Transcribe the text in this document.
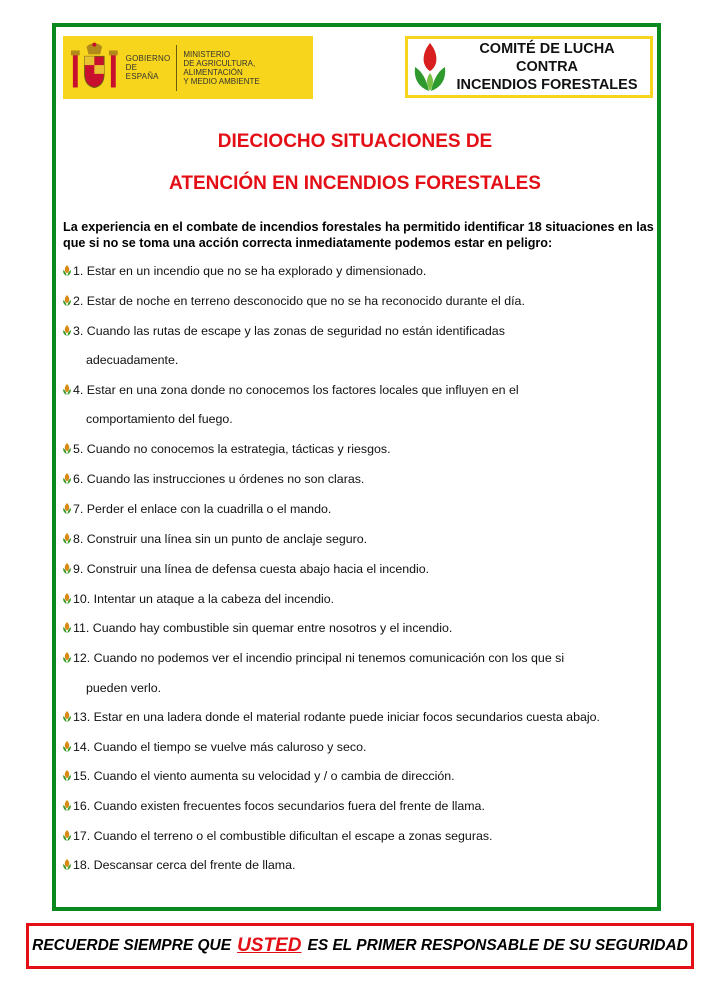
GOBIERNO
DE ESPAÑA
MINISTERIO
DE AGRICULTURA, ALIMENTACIÓN
Y MEDIO AMBIENTE
COMITÉ DE LUCHA CONTRA
INCENDIOS FORESTALES
DIECIOCHO SITUACIONES DE
ATENCIÓN EN INCENDIOS FORESTALES

La experiencia en el combate de incendios forestales ha permitido identificar 18 situaciones en las que si no se toma una acción correcta inmediatamente podemos estar en peligro:

1. Estar en un incendio que no se ha explorado y dimensionado.
2. Estar de noche en terreno desconocido que no se ha reconocido durante el día.
3. Cuando las rutas de escape y las zonas de seguridad no están identificadas
adecuadamente.
4. Estar en una zona donde no conocemos los factores locales que influyen en el
comportamiento del fuego.
5. Cuando no conocemos la estrategia, tácticas y riesgos.
6. Cuando las instrucciones u órdenes no son claras.
7. Perder el enlace con la cuadrilla o el mando.
8. Construir una línea sin un punto de anclaje seguro.
9. Construir una línea de defensa cuesta abajo hacia el incendio.
10. Intentar un ataque a la cabeza del incendio.
11. Cuando hay combustible sin quemar entre nosotros y el incendio.
12. Cuando no podemos ver el incendio principal ni tenemos comunicación con los que si
pueden verlo.
13. Estar en una ladera donde el material rodante puede iniciar focos secundarios cuesta abajo.
14. Cuando el tiempo se vuelve más caluroso y seco.
15. Cuando el viento aumenta su velocidad y / o cambia de dirección.
16. Cuando existen frecuentes focos secundarios fuera del frente de llama.
17. Cuando el terreno o el combustible dificultan el escape a zonas seguras.
18. Descansar cerca del frente de llama.
RECUERDE SIEMPRE QUE USTED ES EL PRIMER RESPONSABLE DE SU SEGURIDAD
